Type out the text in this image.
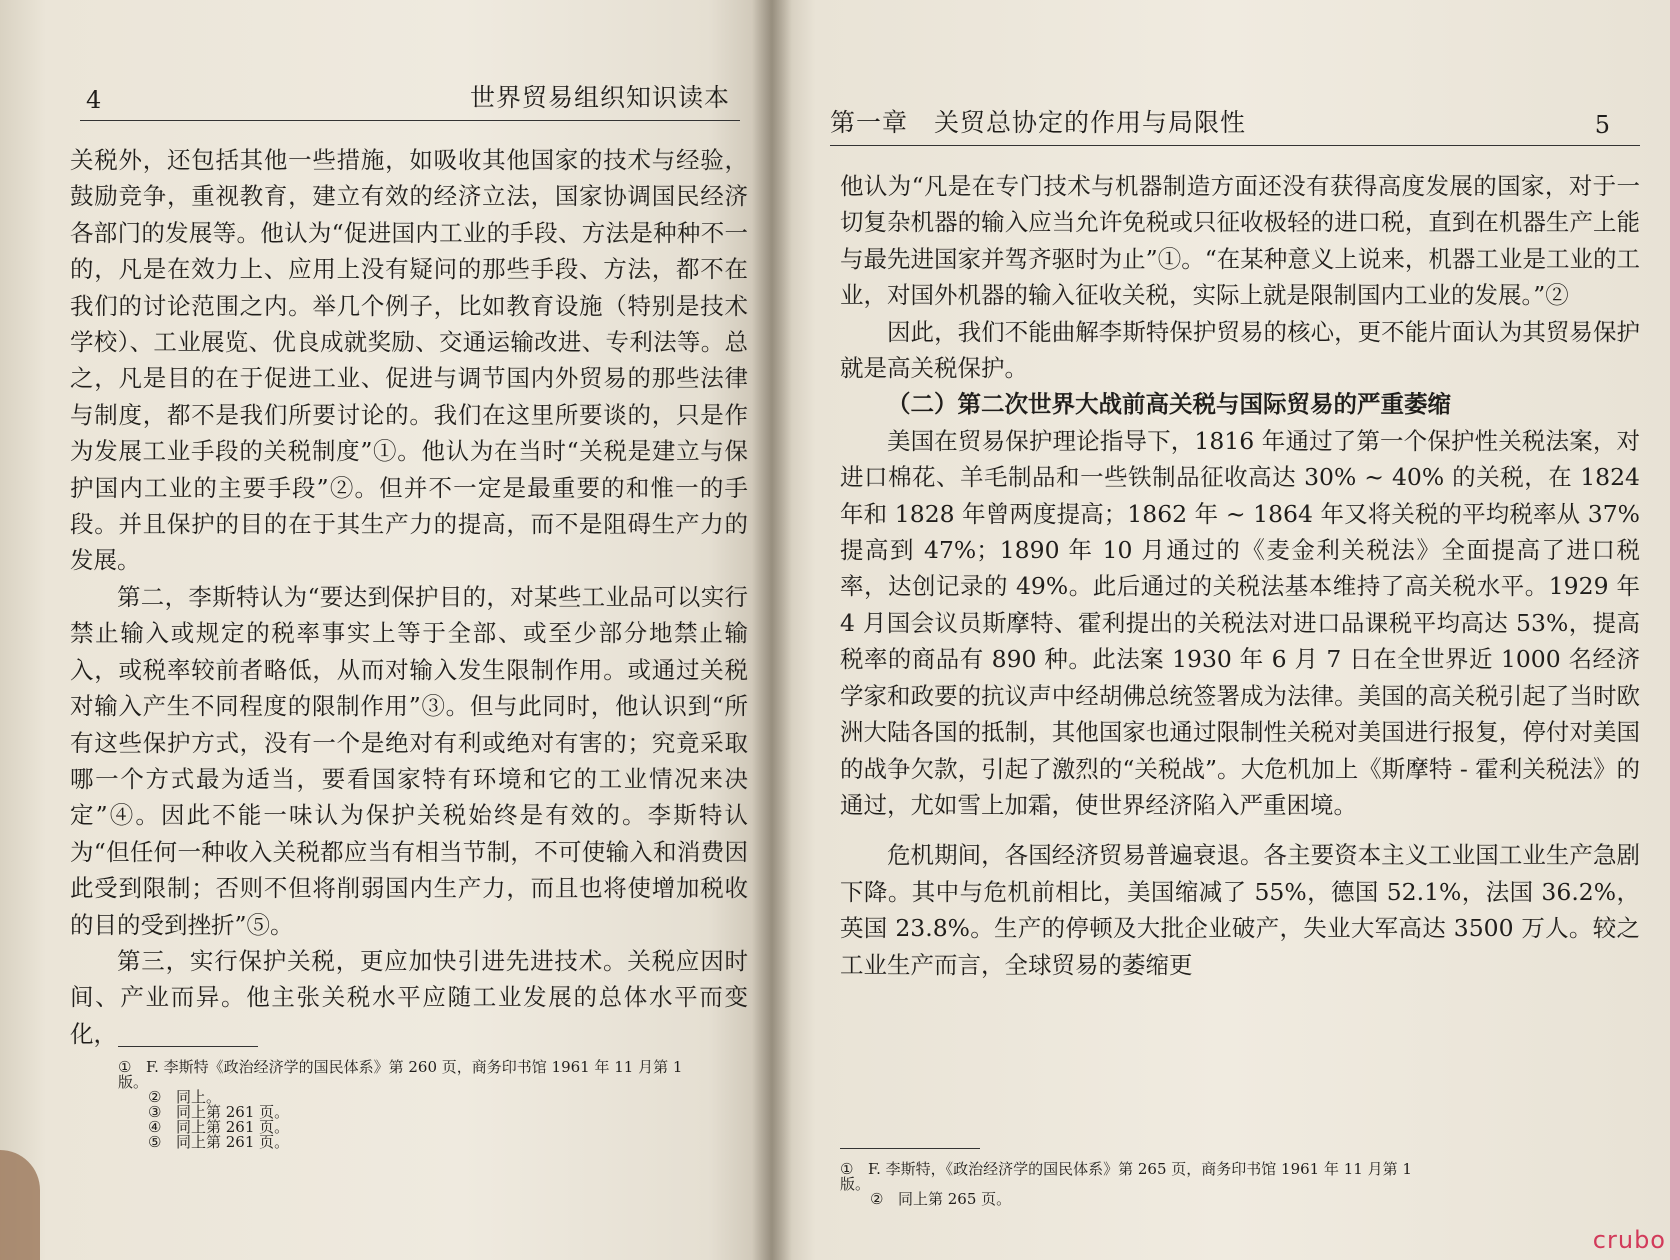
4	世界贸易组织知识读本

关税外，还包括其他一些措施，如吸收其他国家的技术与经验，鼓励竞争，重视教育，建立有效的经济立法，国家协调国民经济各部门的发展等。他认为“促进国内工业的手段、方法是种种不一的，凡是在效力上、应用上没有疑问的那些手段、方法，都不在我们的讨论范围之内。举几个例子，比如教育设施（特别是技术学校）、工业展览、优良成就奖励、交通运输改进、专利法等。总之，凡是目的在于促进工业、促进与调节国内外贸易的那些法律与制度，都不是我们所要讨论的。我们在这里所要谈的，只是作为发展工业手段的关税制度”①。他认为在当时“关税是建立与保护国内工业的主要手段”②。但并不一定是最重要的和惟一的手段。并且保护的目的在于其生产力的提高，而不是阻碍生产力的发展。

第二，李斯特认为“要达到保护目的，对某些工业品可以实行禁止输入或规定的税率事实上等于全部、或至少部分地禁止输入，或税率较前者略低，从而对输入发生限制作用。或通过关税对输入产生不同程度的限制作用”③。但与此同时，他认识到“所有这些保护方式，没有一个是绝对有利或绝对有害的；究竟采取哪一个方式最为适当，要看国家特有环境和它的工业情况来决定”④。因此不能一味认为保护关税始终是有效的。李斯特认为“但任何一种收入关税都应当有相当节制，不可使输入和消费因此受到限制；否则不但将削弱国内生产力，而且也将使增加税收的目的受到挫折”⑤。

第三，实行保护关税，更应加快引进先进技术。关税应因时间、产业而异。他主张关税水平应随工业发展的总体水平而变化，

① F. 李斯特《政治经济学的国民体系》第 260 页，商务印书馆 1961 年 11 月第 1

版。

② 同上。

③ 同上第 261 页。

④ 同上第 261 页。

⑤ 同上第 261 页。

第一章　关贸总协定的作用与局限性	5

他认为“凡是在专门技术与机器制造方面还没有获得高度发展的国家，对于一切复杂机器的输入应当允许免税或只征收极轻的进口税，直到在机器生产上能与最先进国家并驾齐驱时为止”①。“在某种意义上说来，机器工业是工业的工业，对国外机器的输入征收关税，实际上就是限制国内工业的发展。”②

因此，我们不能曲解李斯特保护贸易的核心，更不能片面认为其贸易保护就是高关税保护。

（二）第二次世界大战前高关税与国际贸易的严重萎缩

美国在贸易保护理论指导下，1816 年通过了第一个保护性关税法案，对进口棉花、羊毛制品和一些铁制品征收高达 30% ~ 40% 的关税，在 1824 年和 1828 年曾两度提高；1862 年 ~ 1864 年又将关税的平均税率从 37% 提高到 47%；1890 年 10 月通过的《麦金利关税法》全面提高了进口税率，达创记录的 49%。此后通过的关税法基本维持了高关税水平。1929 年 4 月国会议员斯摩特、霍利提出的关税法对进口品课税平均高达 53%，提高税率的商品有 890 种。此法案 1930 年 6 月 7 日在全世界近 1000 名经济学家和政要的抗议声中经胡佛总统签署成为法律。美国的高关税引起了当时欧洲大陆各国的抵制，其他国家也通过限制性关税对美国进行报复，停付对美国的战争欠款，引起了激烈的“关税战”。大危机加上《斯摩特 - 霍利关税法》的通过，尤如雪上加霜，使世界经济陷入严重困境。

危机期间，各国经济贸易普遍衰退。各主要资本主义工业国工业生产急剧下降。其中与危机前相比，美国缩减了 55%，德国 52.1%，法国 36.2%，英国 23.8%。生产的停顿及大批企业破产，失业大军高达 3500 万人。较之工业生产而言，全球贸易的萎缩更

① F. 李斯特，《政治经济学的国民体系》第 265 页，商务印书馆 1961 年 11 月第 1

版。

② 同上第 265 页。

crubo
